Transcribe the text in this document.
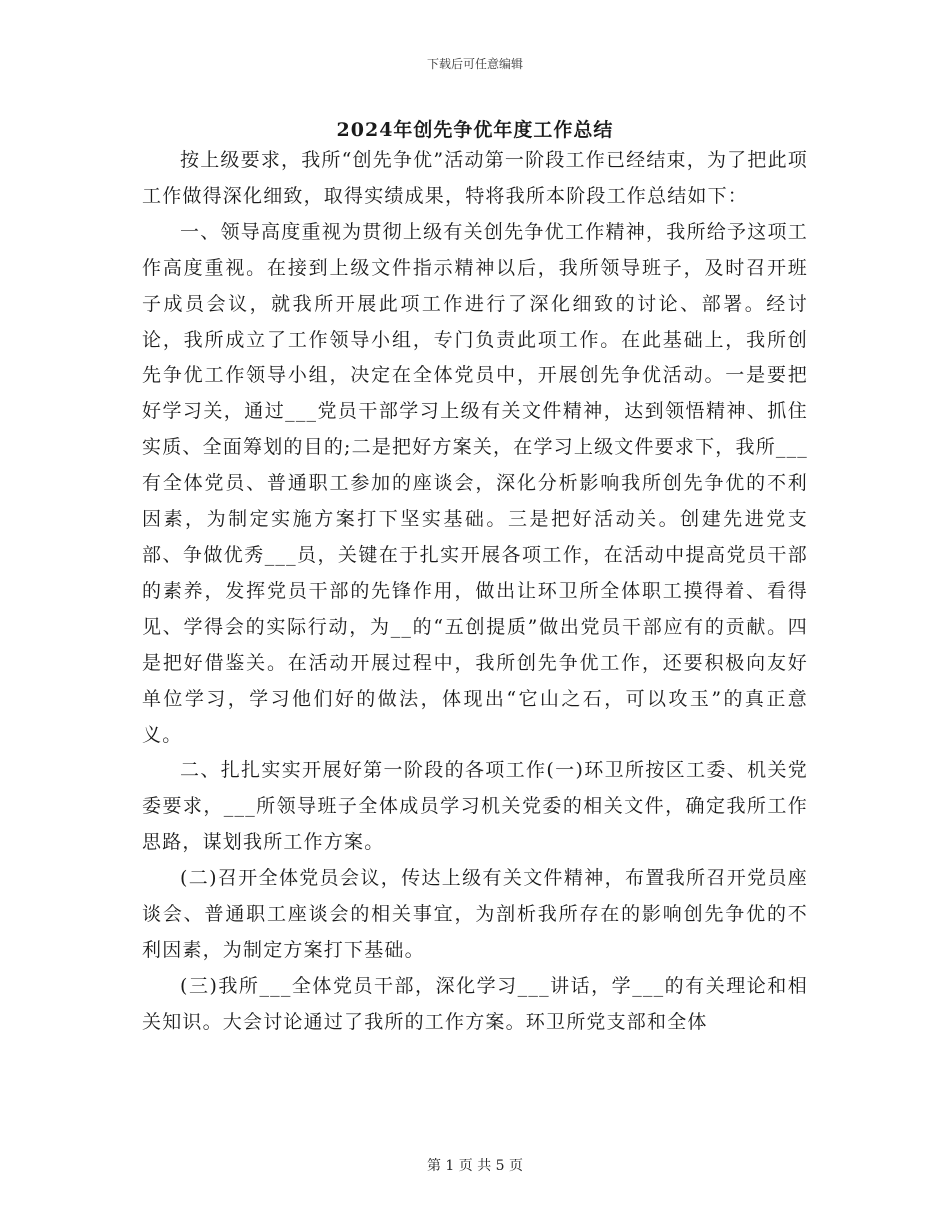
下载后可任意编辑
2024年创先争优年度工作总结

按上级要求，我所“创先争优”活动第一阶段工作已经结束，为了把此项工作做得深化细致，取得实绩成果，特将我所本阶段工作总结如下：

一、领导高度重视为贯彻上级有关创先争优工作精神，我所给予这项工作高度重视。在接到上级文件指示精神以后，我所领导班子，及时召开班子成员会议，就我所开展此项工作进行了深化细致的讨论、部署。经讨论，我所成立了工作领导小组，专门负责此项工作。在此基础上，我所创先争优工作领导小组，决定在全体党员中，开展创先争优活动。一是要把好学习关，通过___党员干部学习上级有关文件精神，达到领悟精神、抓住实质、全面筹划的目的;二是把好方案关，在学习上级文件要求下，我所___有全体党员、普通职工参加的座谈会，深化分析影响我所创先争优的不利因素，为制定实施方案打下坚实基础。三是把好活动关。创建先进党支部、争做优秀___员，关键在于扎实开展各项工作，在活动中提高党员干部的素养，发挥党员干部的先锋作用，做出让环卫所全体职工摸得着、看得见、学得会的实际行动，为__的“五创提质”做出党员干部应有的贡献。四是把好借鉴关。在活动开展过程中，我所创先争优工作，还要积极向友好单位学习，学习他们好的做法，体现出“它山之石，可以攻玉”的真正意义。

二、扎扎实实开展好第一阶段的各项工作(一)环卫所按区工委、机关党委要求，___所领导班子全体成员学习机关党委的相关文件，确定我所工作思路，谋划我所工作方案。

(二)召开全体党员会议，传达上级有关文件精神，布置我所召开党员座谈会、普通职工座谈会的相关事宜，为剖析我所存在的影响创先争优的不利因素，为制定方案打下基础。

(三)我所___全体党员干部，深化学习___讲话，学___的有关理论和相关知识。大会讨论通过了我所的工作方案。环卫所党支部和全体

第 1 页 共 5 页
